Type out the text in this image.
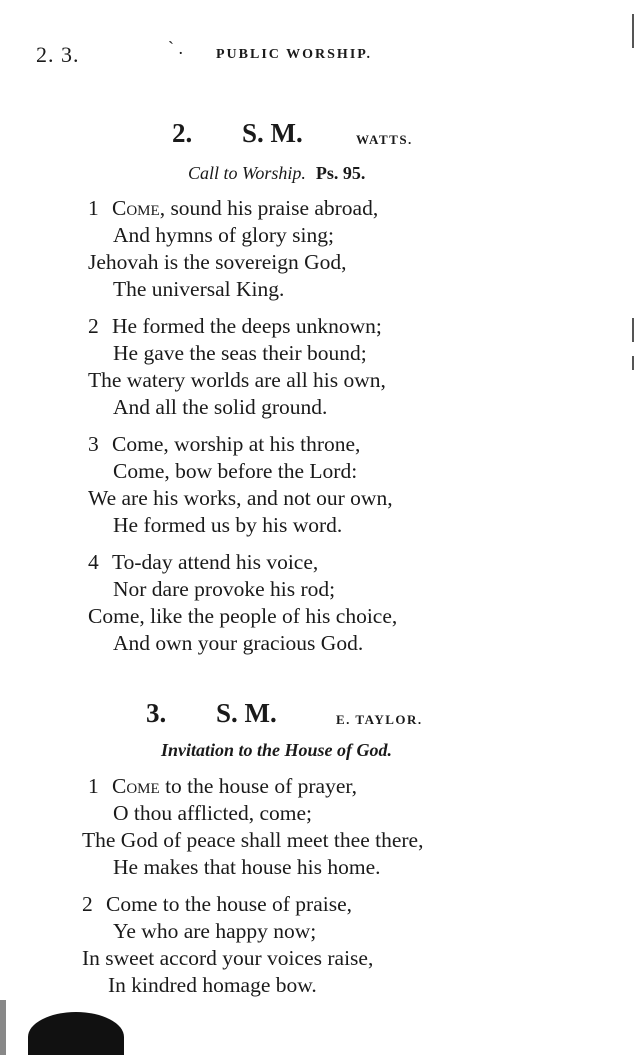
2. 3.	` . PUBLIC WORSHIP.
2. S. M.	WATTS.
Call to Worship. Ps. 95.
1 Come, sound his praise abroad,
And hymns of glory sing;
Jehovah is the sovereign God,
The universal King.
2 He formed the deeps unknown;
He gave the seas their bound;
The watery worlds are all his own,
And all the solid ground.
3 Come, worship at his throne,
Come, bow before the Lord:
We are his works, and not our own,
He formed us by his word.
4 To-day attend his voice,
Nor dare provoke his rod;
Come, like the people of his choice,
And own your gracious God.
3. S. M.	E. TAYLOR.
Invitation to the House of God.
1 Come to the house of prayer,
O thou afflicted, come;
The God of peace shall meet thee there,
He makes that house his home.
2 Come to the house of praise,
Ye who are happy now;
In sweet accord your voices raise,
In kindred homage bow.
